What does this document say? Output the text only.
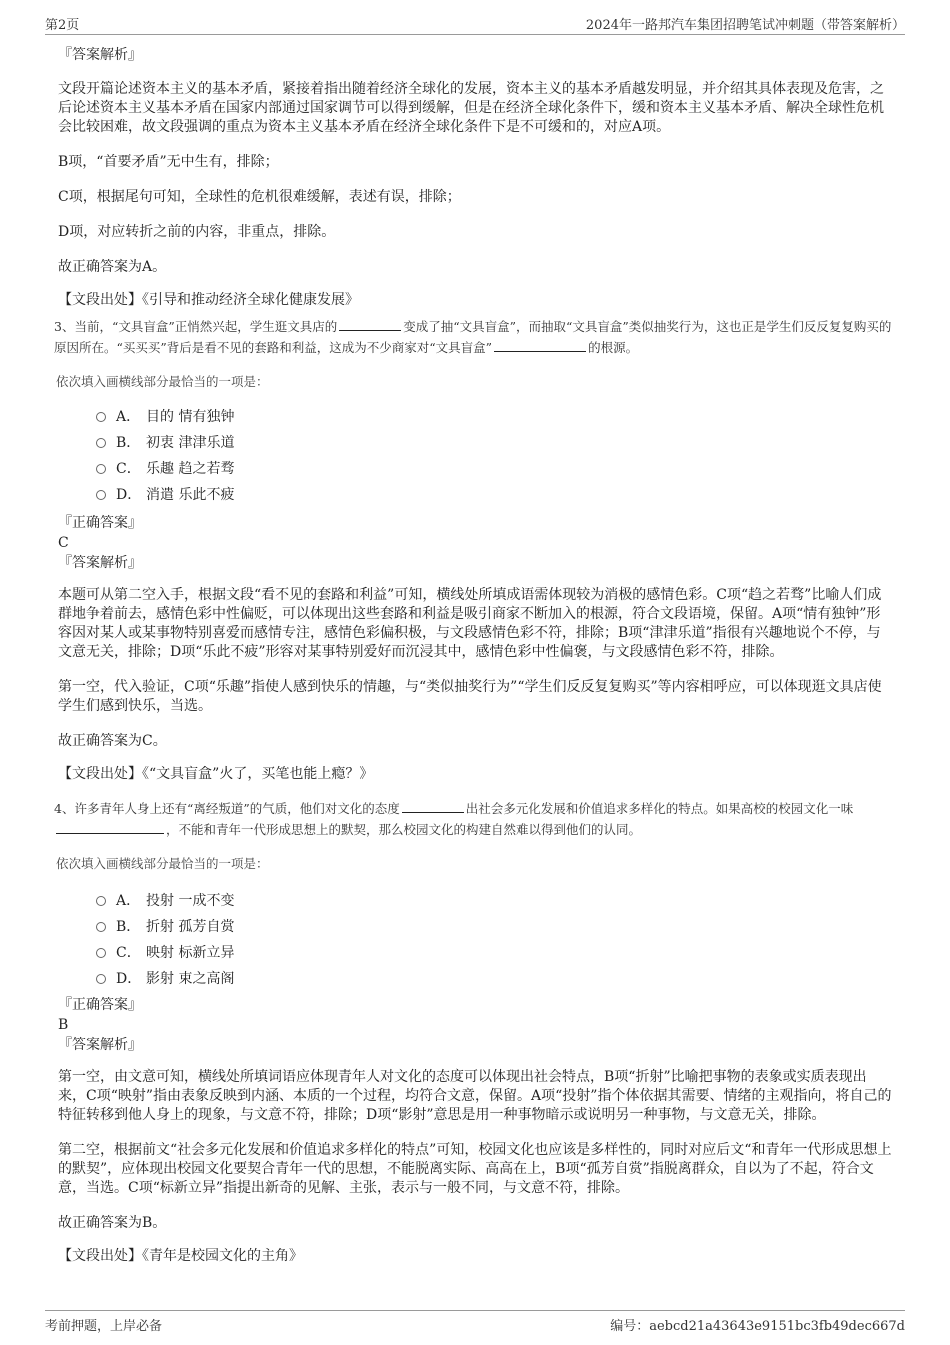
第2页	2024年一路邦汽车集团招聘笔试冲刺题（带答案解析）
『答案解析』

文段开篇论述资本主义的基本矛盾，紧接着指出随着经济全球化的发展，资本主义的基本矛盾越发明显，并介绍其具体表现及危害，之后论述资本主义基本矛盾在国家内部通过国家调节可以得到缓解，但是在经济全球化条件下，缓和资本主义基本矛盾、解决全球性危机会比较困难，故文段强调的重点为资本主义基本矛盾在经济全球化条件下是不可缓和的，对应A项。

B项，“首要矛盾”无中生有，排除；

C项，根据尾句可知，全球性的危机很难缓解，表述有误，排除；

D项，对应转折之前的内容，非重点，排除。

故正确答案为A。

【文段出处】《引导和推动经济全球化健康发展》

3、当前，“文具盲盒”正悄然兴起，学生逛文具店的	变成了抽“文具盲盒”，而抽取“文具盲盒”类似抽奖行为，这也正是学生们反反复复购买的原因所在。“买买买”背后是看不见的套路和利益，这成为不少商家对“文具盲盒”	的根源。

依次填入画横线部分最恰当的一项是：

A． 目的 情有独钟
B． 初衷 津津乐道
C． 乐趣 趋之若骛
D． 消遣 乐此不疲
『正确答案』
C
『答案解析』

本题可从第二空入手，根据文段“看不见的套路和利益”可知，横线处所填成语需体现较为消极的感情色彩。C项“趋之若骛”比喻人们成群地争着前去，感情色彩中性偏贬，可以体现出这些套路和利益是吸引商家不断加入的根源，符合文段语境，保留。A项“情有独钟”形容因对某人或某事物特别喜爱而感情专注，感情色彩偏积极，与文段感情色彩不符，排除；B项“津津乐道”指很有兴趣地说个不停，与文意无关，排除；D项“乐此不疲”形容对某事特别爱好而沉浸其中，感情色彩中性偏褒，与文段感情色彩不符，排除。

第一空，代入验证，C项“乐趣”指使人感到快乐的情趣，与“类似抽奖行为”“学生们反反复复购买”等内容相呼应，可以体现逛文具店使学生们感到快乐，当选。

故正确答案为C。

【文段出处】《“文具盲盒”火了，买笔也能上瘾？》

4、许多青年人身上还有“离经叛道”的气质，他们对文化的态度	出社会多元化发展和价值追求多样化的特点。如果高校的校园文化一味，不能和青年一代形成思想上的默契，那么校园文化的构建自然难以得到他们的认同。

依次填入画横线部分最恰当的一项是：

A． 投射 一成不变
B． 折射 孤芳自赏
C． 映射 标新立异
D． 影射 束之高阁
『正确答案』
B
『答案解析』

第一空，由文意可知，横线处所填词语应体现青年人对文化的态度可以体现出社会特点，B项“折射”比喻把事物的表象或实质表现出来，C项“映射”指由表象反映到内涵、本质的一个过程，均符合文意，保留。A项“投射”指个体依据其需要、情绪的主观指向，将自己的特征转移到他人身上的现象，与文意不符，排除；D项“影射”意思是用一种事物暗示或说明另一种事物，与文意无关，排除。

第二空，根据前文“社会多元化发展和价值追求多样化的特点”可知，校园文化也应该是多样性的，同时对应后文“和青年一代形成思想上的默契”，应体现出校园文化要契合青年一代的思想，不能脱离实际、高高在上，B项“孤芳自赏”指脱离群众，自以为了不起，符合文意，当选。C项“标新立异”指提出新奇的见解、主张，表示与一般不同，与文意不符，排除。

故正确答案为B。

【文段出处】《青年是校园文化的主角》

考前押题，上岸必备	编号：aebcd21a43643e9151bc3fb49dec667d
